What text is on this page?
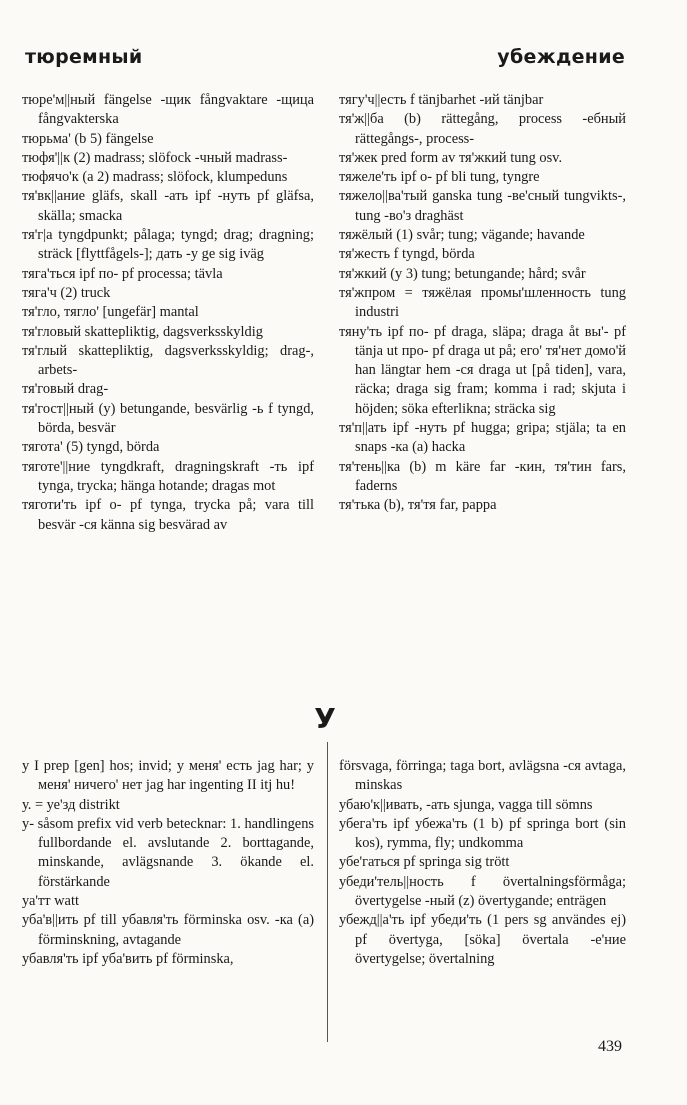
тюремный	убеждение

тюре'м||ный fängelse -щик fångvaktare -щица fångvakterska

тюрьма' (b 5) fängelse

тюфя'||к (2) madrass; slöfock -чный madrass-

тюфячо'к (a 2) madrass; slöfock, klumpeduns

тя'вк||ание gläfs, skall -ать ipf -нуть pf gläfsa, skälla; smacka

тя'г|а tyngdpunkt; pålaga; tyngd; drag; dragning; sträck [flyttfågels-]; дать -у ge sig iväg

тяга'ться ipf по- pf processa; tävla

тяга'ч (2) truck

тя'гло, тягло' [ungefär] mantal

тя'гловый skattepliktig, dagsverksskyldig

тя'глый skattepliktig, dagsverksskyldig; drag-, arbets-

тя'говый drag-

тя'гост||ный (y) betungande, besvärlig -ь f tyngd, börda, besvär

тягота' (5) tyngd, börda

тяготе'||ние tyngdkraft, dragningskraft -ть ipf tynga, trycka; hänga hotande; dragas mot

тяготи'ть ipf о- pf tynga, trycka på; vara till besvär -ся känna sig besvärad av

тягу'ч||есть f tänjbarhet -ий tänjbar

тя'ж||ба (b) rättegång, process -ебный rättegångs-, process-

тя'жек pred form av тя'жкий tung osv.

тяжеле'ть ipf о- pf bli tung, tyngre

тяжело||ва'тый ganska tung -ве'сный tungvikts-, tung -во'з draghäst

тяжёлый (1) svår; tung; vägande; havande

тя'жесть f tyngd, börda

тя'жкий (y 3) tung; betungande; hård; svår

тя'жпром = тяжёлая промы'шленность tung industri

тяну'ть ipf по- pf draga, släpa; draga åt вы'- pf tänja ut про- pf draga ut på; его' тя'нет домо'й han längtar hem -ся draga ut [på tiden], vara, räcka; draga sig fram; komma i rad; skjuta i höjden; söka efterlikna; sträcka sig

тя'п||ать ipf -нуть pf hugga; gripa; stjäla; ta en snaps -ка (a) hacka

тя'тень||ка (b) m käre far -кин, тя'тин fars, faderns

тя'тька (b), тя'тя far, pappa

У

у I prep [gen] hos; invid; у меня' есть jag har; у меня' ничего' нет jag har ingenting II itj hu!

у. = уе'зд distrikt

у- såsom prefix vid verb betecknar: 1. handlingens fullbordande el. avslutande 2. borttagande, minskande, avlägsnande 3. ökande el. förstärkande

уа'тт watt

уба'в||ить pf till убавля'ть förminska osv. -ка (a) förminskning, avtagande

убавля'ть ipf уба'вить pf förminska,

försvaga, förringa; taga bort, avlägsna -ся avtaga, minskas

убаю'к||ивать, -ать sjunga, vagga till sömns

убега'ть ipf убежа'ть (1 b) pf springa bort (sin kos), rymma, fly; undkomma

убе'гаться pf springa sig trött

убеди'тель||ность f övertalningsförmåga; övertygelse -ный (z) övertygande; enträgen

убежд||а'ть ipf убеди'ть (1 pers sg användes ej) pf övertyga, [söka] övertala -е'ние övertygelse; övertalning

439
